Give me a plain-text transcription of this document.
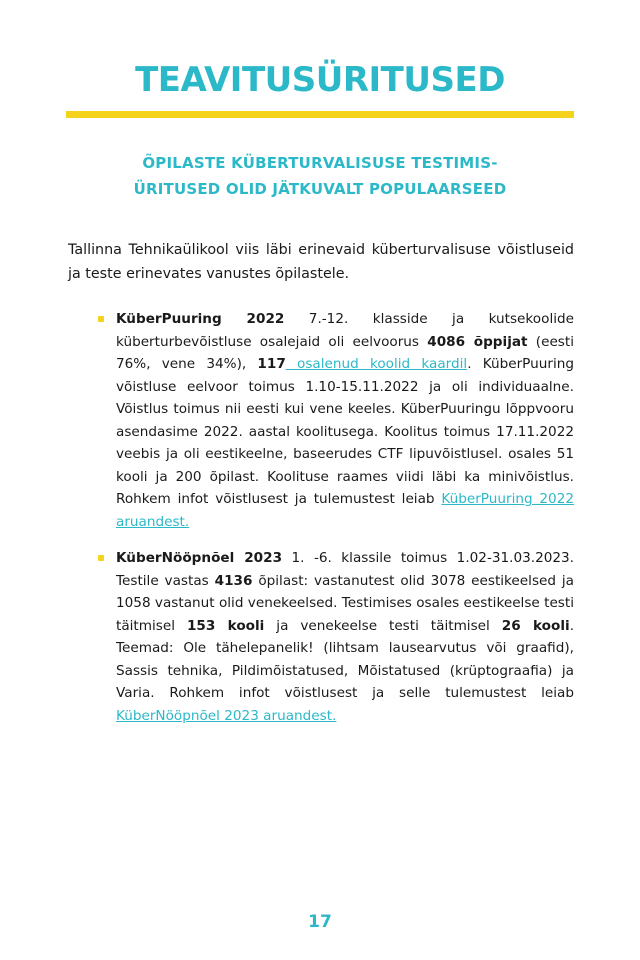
TEAVITUSÜRITUSED
ÕPILASTE KÜBERTURVALISUSE TESTIMIS-
ÜRITUSED OLID JÄTKUVALT POPULAARSEED
Tallinna Tehnikaülikool viis läbi erinevaid küberturvalisuse võistluseid ja teste erinevates vanustes õpilastele.
KüberPuuring 2022 7.-12. klasside ja kutsekoolide küberturbevõistluse osalejaid oli eelvoorus 4086 õppijat (eesti 76%, vene 34%), 117 osalenud koolid kaardil. KüberPuuring võistluse eelvoor toimus 1.10-15.11.2022 ja oli individuaalne. Võistlus toimus nii eesti kui vene keeles. KüberPuuringu lõppvooru asendasime 2022. aastal koolitusega. Koolitus toimus 17.11.2022 veebis ja oli eestikeelne, baseerudes CTF lipuvõistlusel. osales 51 kooli ja 200 õpilast. Koolituse raames viidi läbi ka minivõistlus. Rohkem infot võistlusest ja tulemustest leiab KüberPuuring 2022 aruandest.
KüberNööpnõel 2023 1. -6. klassile toimus 1.02-31.03.2023. Testile vastas 4136 õpilast: vastanutest olid 3078 eestikeelsed ja 1058 vastanut olid venekeelsed. Testimises osales eestikeelse testi täitmisel 153 kooli ja venekeelse testi täitmisel 26 kooli. Teemad: Ole tähelepanelik! (lihtsam lausearvutus või graafid), Sassis tehnika, Pildimõistatused, Mõistatused (krüptograafia) ja Varia. Rohkem infot võistlusest ja selle tulemustest leiab KüberNööpnõel 2023 aruandest.
17
